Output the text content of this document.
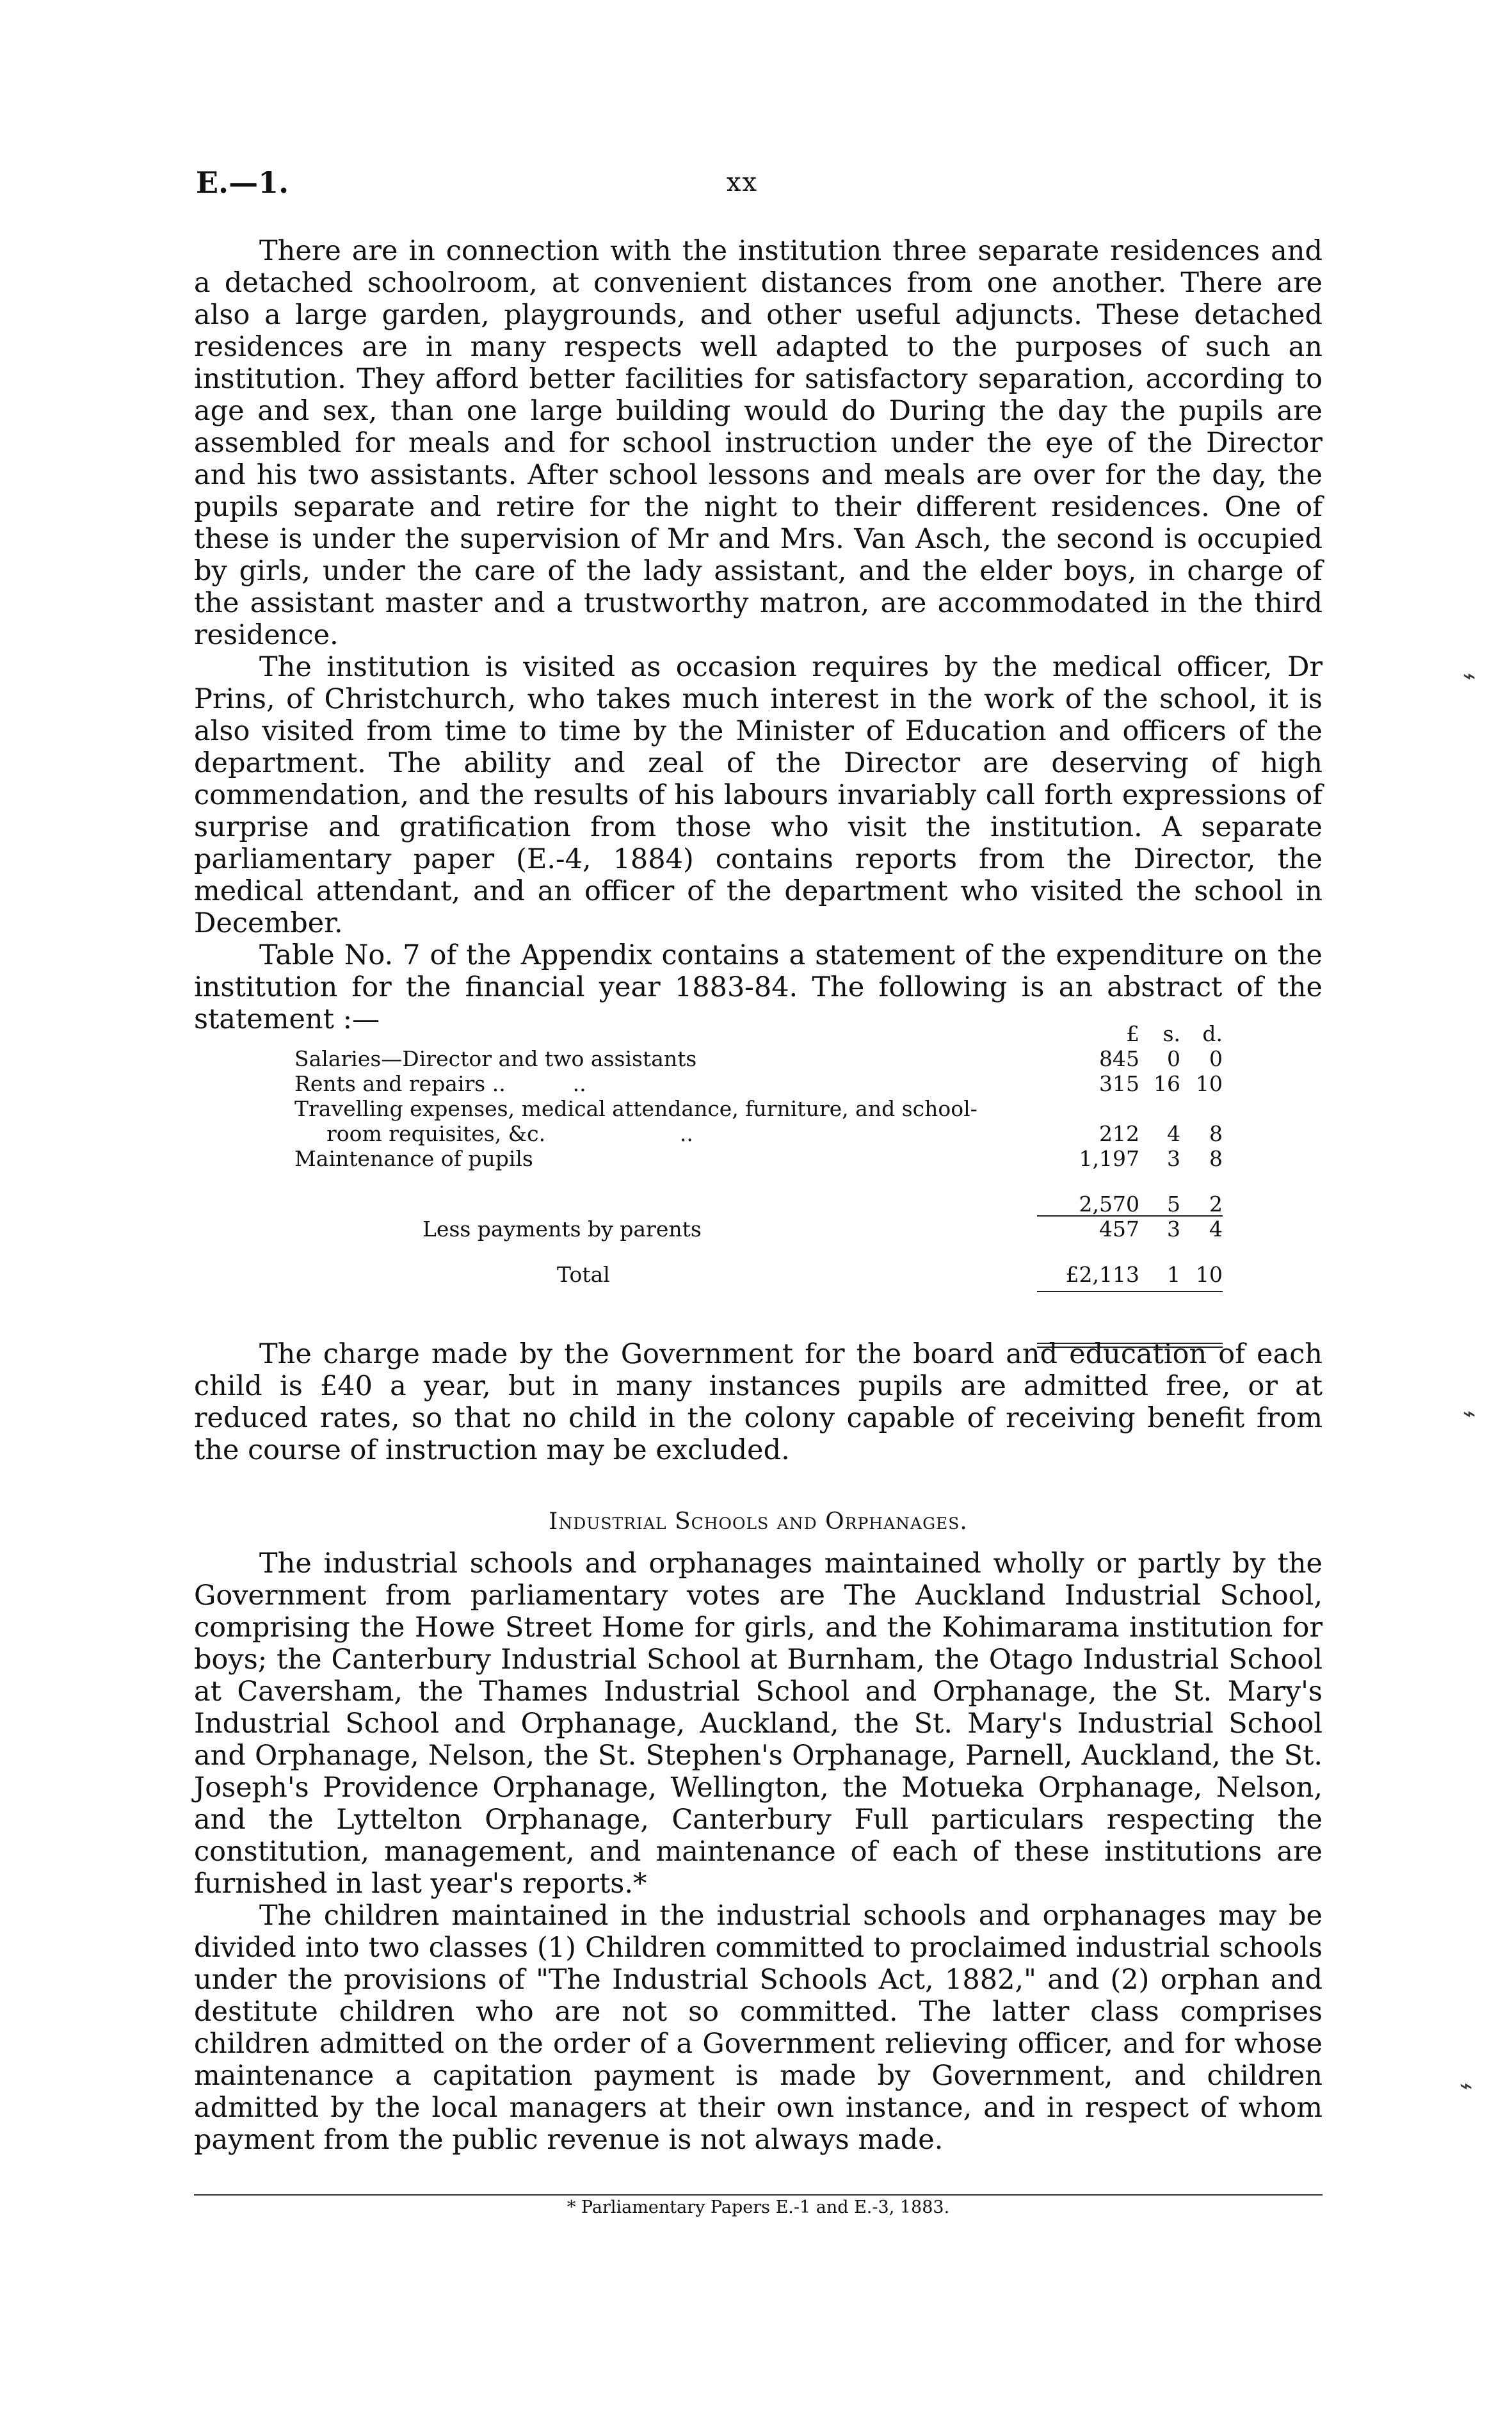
E.—1.	xx

There are in connection with the institution three separate residences and a detached schoolroom, at convenient distances from one another. There are also a large garden, playgrounds, and other useful adjuncts. These detached residences are in many respects well adapted to the purposes of such an institution. They afford better facilities for satisfactory separation, according to age and sex, than one large building would do During the day the pupils are assembled for meals and for school instruction under the eye of the Director and his two assistants. After school lessons and meals are over for the day, the pupils separate and retire for the night to their different residences. One of these is under the supervision of Mr and Mrs. Van Asch, the second is occupied by girls, under the care of the lady assistant, and the elder boys, in charge of the assistant master and a trustworthy matron, are accommodated in the third residence.

The institution is visited as occasion requires by the medical officer, Dr Prins, of Christchurch, who takes much interest in the work of the school, it is also visited from time to time by the Minister of Education and officers of the department. The ability and zeal of the Director are deserving of high commendation, and the results of his labours invariably call forth expressions of surprise and gratification from those who visit the institution. A separate parliamentary paper (E.-4, 1884) contains reports from the Director, the medical attendant, and an officer of the department who visited the school in December.

Table No. 7 of the Appendix contains a statement of the expenditure on the institution for the financial year 1883-84. The following is an abstract of the statement :—	£	s.	d.
Salaries—Director and two assistants	845	0	0
Rents and repairs ..          ..	315 16 10
Travelling expenses, medical attendance, furniture, and school-
room requisites, &c.                    ..	212	4	8
Maintenance of pupils	1,197	3	8
2,570	5	2
Less payments by parents	457	3	4
Total	£2,113	1 10

The charge made by the Government for the board and education of each child is £40 a year, but in many instances pupils are admitted free, or at reduced rates, so that no child in the colony capable of receiving benefit from the course of instruction may be excluded.

Industrial Schools and Orphanages.

The industrial schools and orphanages maintained wholly or partly by the Government from parliamentary votes are The Auckland Industrial School, comprising the Howe Street Home for girls, and the Kohimarama institution for boys; the Canterbury Industrial School at Burnham, the Otago Industrial School at Caversham, the Thames Industrial School and Orphanage, the St. Mary's Industrial School and Orphanage, Auckland, the St. Mary's Industrial School and Orphanage, Nelson, the St. Stephen's Orphanage, Parnell, Auckland, the St. Joseph's Providence Orphanage, Wellington, the Motueka Orphanage, Nelson, and the Lyttelton Orphanage, Canterbury Full particulars respecting the constitution, management, and maintenance of each of these institutions are furnished in last year's reports.*

The children maintained in the industrial schools and orphanages may be divided into two classes (1) Children committed to proclaimed industrial schools under the provisions of "The Industrial Schools Act, 1882," and (2) orphan and destitute children who are not so committed. The latter class comprises children admitted on the order of a Government relieving officer, and for whose maintenance a capitation payment is made by Government, and children admitted by the local managers at their own instance, and in respect of whom payment from the public revenue is not always made.

* Parliamentary Papers E.-1 and E.-3, 1883.
⌁
⌁
⌁
